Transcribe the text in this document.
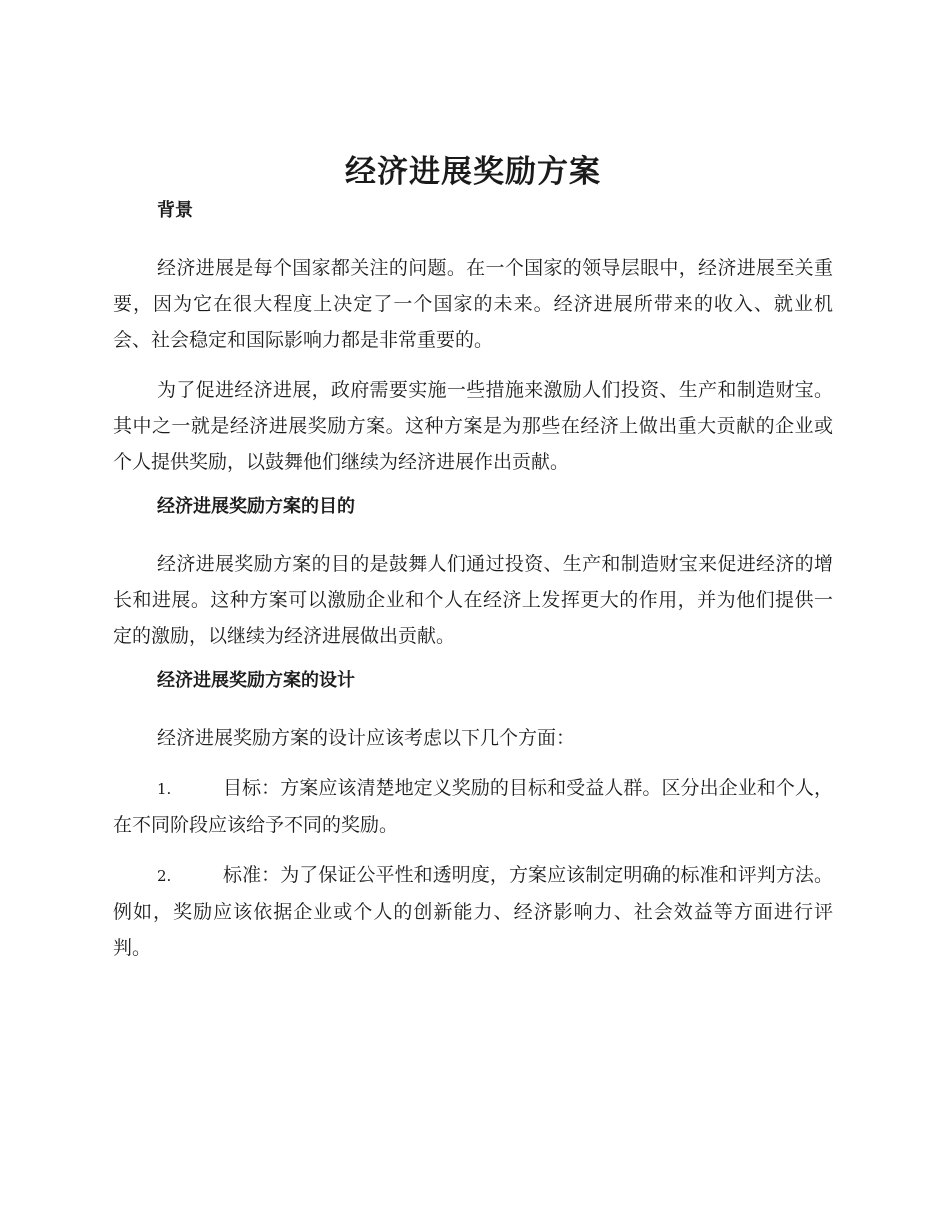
经济进展奖励方案
背景

经济进展是每个国家都关注的问题。在一个国家的领导层眼中，经济进展至关重要，因为它在很大程度上决定了一个国家的未来。经济进展所带来的收入、就业机会、社会稳定和国际影响力都是非常重要的。

为了促进经济进展，政府需要实施一些措施来激励人们投资、生产和制造财宝。其中之一就是经济进展奖励方案。这种方案是为那些在经济上做出重大贡献的企业或个人提供奖励，以鼓舞他们继续为经济进展作出贡献。

经济进展奖励方案的目的

经济进展奖励方案的目的是鼓舞人们通过投资、生产和制造财宝来促进经济的增长和进展。这种方案可以激励企业和个人在经济上发挥更大的作用，并为他们提供一定的激励，以继续为经济进展做出贡献。

经济进展奖励方案的设计

经济进展奖励方案的设计应该考虑以下几个方面：

1.	目标：方案应该清楚地定义奖励的目标和受益人群。区分出企业和个人，在不同阶段应该给予不同的奖励。

2.	标准：为了保证公平性和透明度，方案应该制定明确的标准和评判方法。例如，奖励应该依据企业或个人的创新能力、经济影响力、社会效益等方面进行评判。
